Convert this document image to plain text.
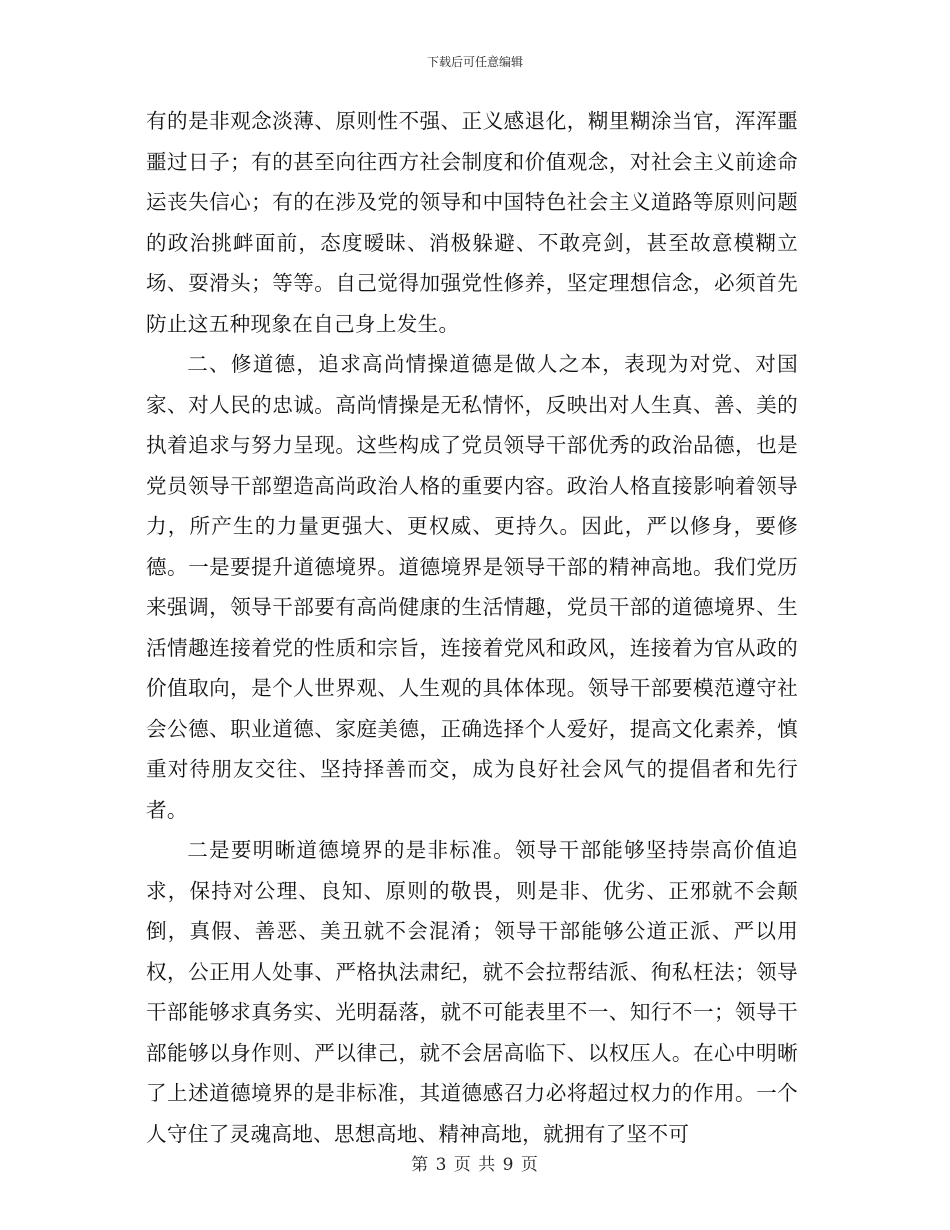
下载后可任意编辑

有的是非观念淡薄、原则性不强、正义感退化，糊里糊涂当官，浑浑噩噩过日子；有的甚至向往西方社会制度和价值观念，对社会主义前途命运丧失信心；有的在涉及党的领导和中国特色社会主义道路等原则问题的政治挑衅面前，态度暧昧、消极躲避、不敢亮剑，甚至故意模糊立场、耍滑头；等等。自己觉得加强党性修养，坚定理想信念，必须首先防止这五种现象在自己身上发生。

二、修道德，追求高尚情操道德是做人之本，表现为对党、对国家、对人民的忠诚。高尚情操是无私情怀，反映出对人生真、善、美的执着追求与努力呈现。这些构成了党员领导干部优秀的政治品德，也是党员领导干部塑造高尚政治人格的重要内容。政治人格直接影响着领导力，所产生的力量更强大、更权威、更持久。因此，严以修身，要修德。一是要提升道德境界。道德境界是领导干部的精神高地。我们党历来强调，领导干部要有高尚健康的生活情趣，党员干部的道德境界、生活情趣连接着党的性质和宗旨，连接着党风和政风，连接着为官从政的价值取向，是个人世界观、人生观的具体体现。领导干部要模范遵守社会公德、职业道德、家庭美德，正确选择个人爱好，提高文化素养，慎重对待朋友交往、坚持择善而交，成为良好社会风气的提倡者和先行者。

二是要明晰道德境界的是非标准。领导干部能够坚持崇高价值追求，保持对公理、良知、原则的敬畏，则是非、优劣、正邪就不会颠倒，真假、善恶、美丑就不会混淆；领导干部能够公道正派、严以用权，公正用人处事、严格执法肃纪，就不会拉帮结派、徇私枉法；领导干部能够求真务实、光明磊落，就不可能表里不一、知行不一；领导干部能够以身作则、严以律己，就不会居高临下、以权压人。在心中明晰了上述道德境界的是非标准，其道德感召力必将超过权力的作用。一个人守住了灵魂高地、思想高地、精神高地，就拥有了坚不可

第 3 页 共 9 页
